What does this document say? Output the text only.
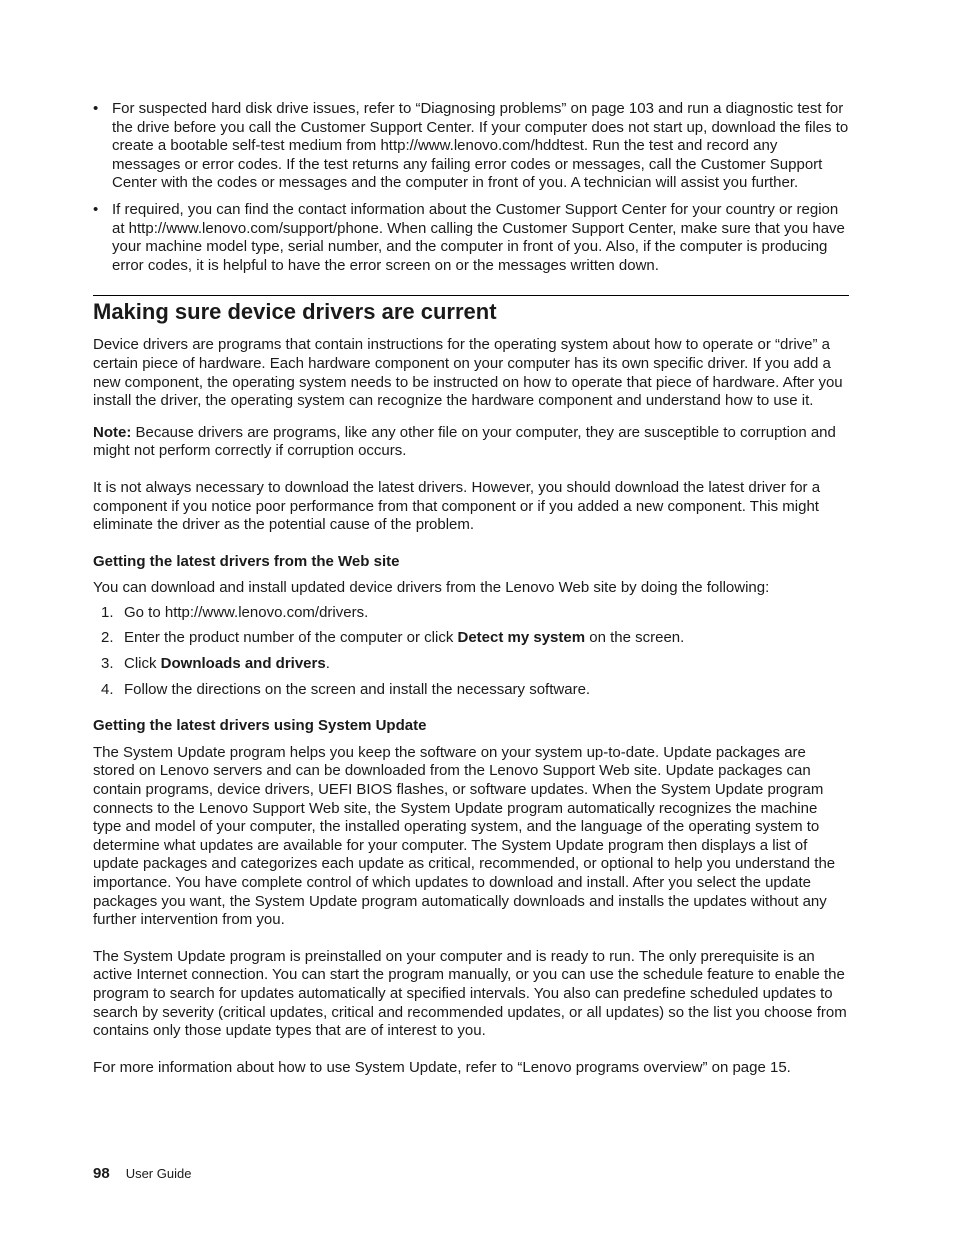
• For suspected hard disk drive issues, refer to “Diagnosing problems” on page 103 and run a diagnostic test for the drive before you call the Customer Support Center. If your computer does not start up, download the files to create a bootable self-test medium from http://www.lenovo.com/hddtest. Run the test and record any messages or error codes. If the test returns any failing error codes or messages, call the Customer Support Center with the codes or messages and the computer in front of you. A technician will assist you further.
• If required, you can find the contact information about the Customer Support Center for your country or region at http://www.lenovo.com/support/phone. When calling the Customer Support Center, make sure that you have your machine model type, serial number, and the computer in front of you. Also, if the computer is producing error codes, it is helpful to have the error screen on or the messages written down.
Making sure device drivers are current

Device drivers are programs that contain instructions for the operating system about how to operate or “drive” a certain piece of hardware. Each hardware component on your computer has its own specific driver. If you add a new component, the operating system needs to be instructed on how to operate that piece of hardware. After you install the driver, the operating system can recognize the hardware component and understand how to use it.

Note: Because drivers are programs, like any other file on your computer, they are susceptible to corruption and might not perform correctly if corruption occurs.

It is not always necessary to download the latest drivers. However, you should download the latest driver for a component if you notice poor performance from that component or if you added a new component. This might eliminate the driver as the potential cause of the problem.

Getting the latest drivers from the Web site

You can download and install updated device drivers from the Lenovo Web site by doing the following:

1. Go to http://www.lenovo.com/drivers.
2. Enter the product number of the computer or click Detect my system on the screen.
3. Click Downloads and drivers.
4. Follow the directions on the screen and install the necessary software.
Getting the latest drivers using System Update

The System Update program helps you keep the software on your system up-to-date. Update packages are stored on Lenovo servers and can be downloaded from the Lenovo Support Web site. Update packages can contain programs, device drivers, UEFI BIOS flashes, or software updates. When the System Update program connects to the Lenovo Support Web site, the System Update program automatically recognizes the machine type and model of your computer, the installed operating system, and the language of the operating system to determine what updates are available for your computer. The System Update program then displays a list of update packages and categorizes each update as critical, recommended, or optional to help you understand the importance. You have complete control of which updates to download and install. After you select the update packages you want, the System Update program automatically downloads and installs the updates without any further intervention from you.

The System Update program is preinstalled on your computer and is ready to run. The only prerequisite is an active Internet connection. You can start the program manually, or you can use the schedule feature to enable the program to search for updates automatically at specified intervals. You also can predefine scheduled updates to search by severity (critical updates, critical and recommended updates, or all updates) so the list you choose from contains only those update types that are of interest to you.

For more information about how to use System Update, refer to “Lenovo programs overview” on page 15.

98 User Guide
